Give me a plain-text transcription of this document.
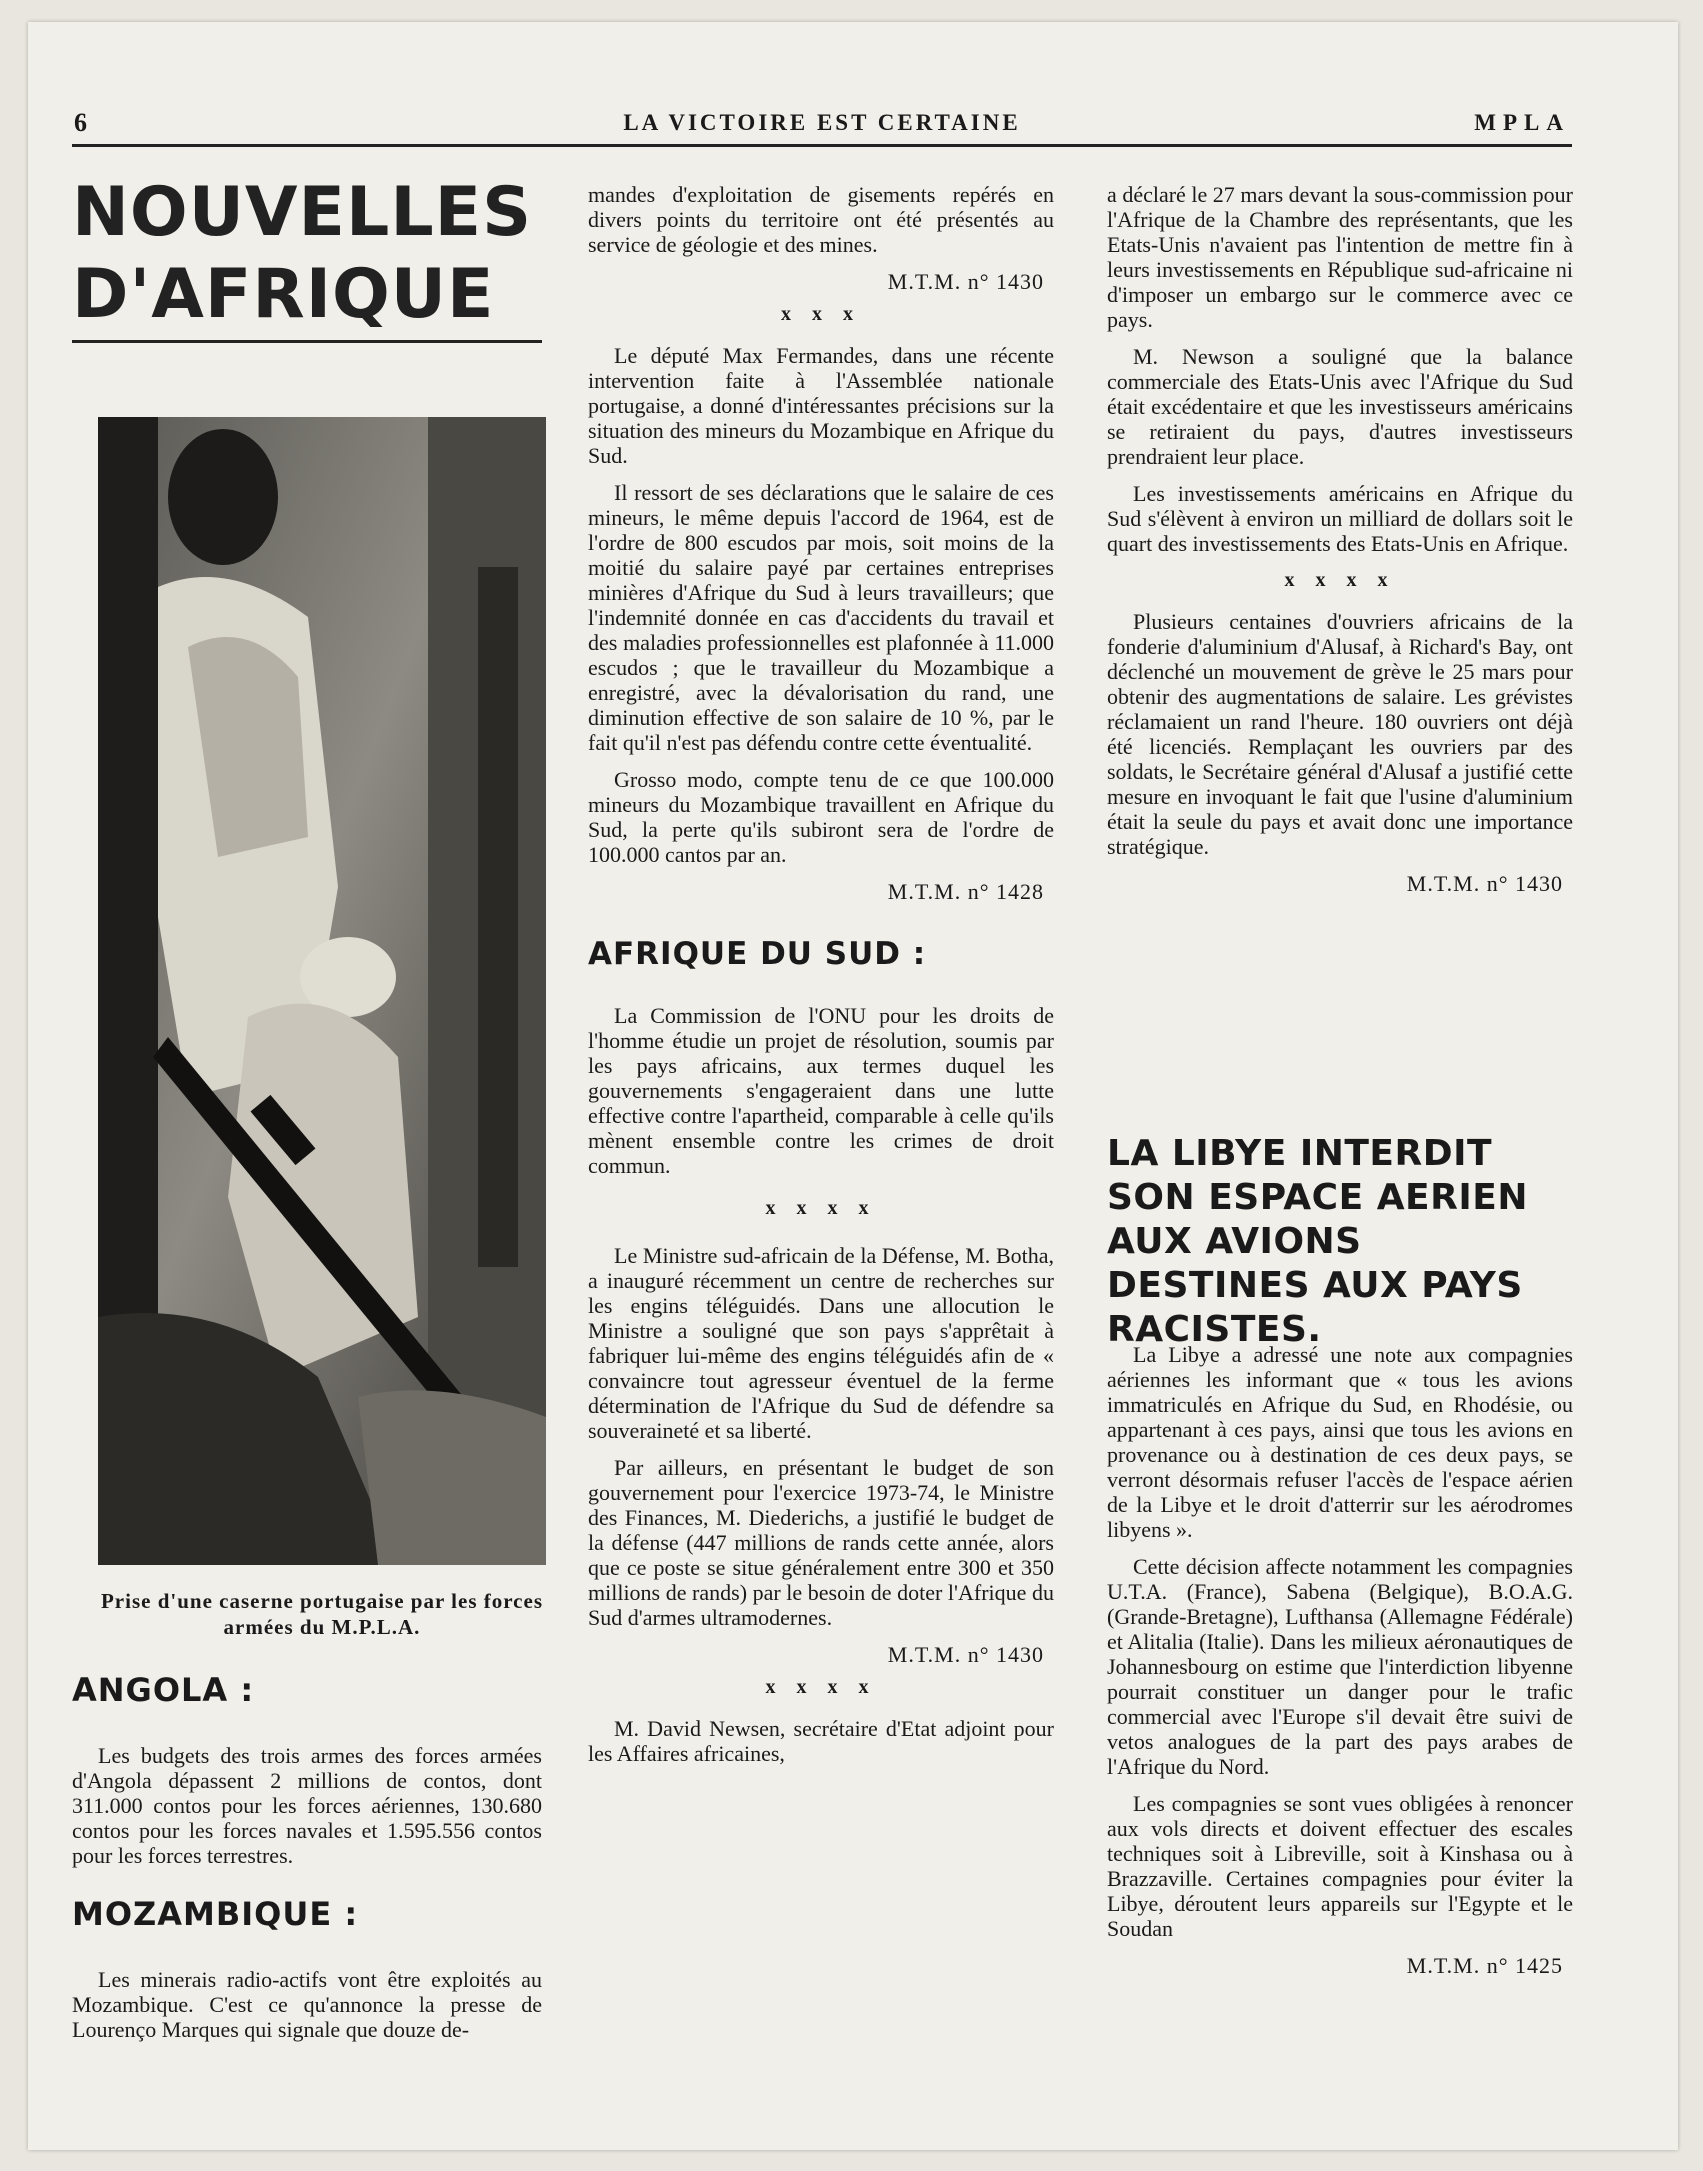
6	LA VICTOIRE EST CERTAINE	MPLA
NOUVELLES
D'AFRIQUE
Prise d'une caserne portugaise par les forces armées du M.P.L.A.
ANGOLA :

Les budgets des trois armes des forces armées d'Angola dépassent 2 millions de contos, dont 311.000 contos pour les forces aériennes, 130.680 contos pour les forces navales et 1.595.556 contos pour les forces terrestres.

MOZAMBIQUE :

Les minerais radio-actifs vont être exploités au Mozambique. C'est ce qu'annonce la presse de Lourenço Marques qui signale que douze de-

mandes d'exploitation de gisements repérés en divers points du territoire ont été présentés au service de géologie et des mines.

M.T.M. n° 1430
x x x

Le député Max Fermandes, dans une récente intervention faite à l'Assemblée nationale portugaise, a donné d'intéressantes précisions sur la situation des mineurs du Mozambique en Afrique du Sud.

Il ressort de ses déclarations que le salaire de ces mineurs, le même depuis l'accord de 1964, est de l'ordre de 800 escudos par mois, soit moins de la moitié du salaire payé par certaines entreprises minières d'Afrique du Sud à leurs travailleurs; que l'indemnité donnée en cas d'accidents du travail et des maladies professionnelles est plafonnée à 11.000 escudos ; que le travailleur du Mozambique a enregistré, avec la dévalorisation du rand, une diminution effective de son salaire de 10 %, par le fait qu'il n'est pas défendu contre cette éventualité.

Grosso modo, compte tenu de ce que 100.000 mineurs du Mozambique travaillent en Afrique du Sud, la perte qu'ils subiront sera de l'ordre de 100.000 cantos par an.

M.T.M. n° 1428
AFRIQUE DU SUD :

La Commission de l'ONU pour les droits de l'homme étudie un projet de résolution, soumis par les pays africains, aux termes duquel les gouvernements s'engageraient dans une lutte effective contre l'apartheid, comparable à celle qu'ils mènent ensemble contre les crimes de droit commun.

x x x x

Le Ministre sud-africain de la Défense, M. Botha, a inauguré récemment un centre de recherches sur les engins téléguidés. Dans une allocution le Ministre a souligné que son pays s'apprêtait à fabriquer lui-même des engins téléguidés afin de « convaincre tout agresseur éventuel de la ferme détermination de l'Afrique du Sud de défendre sa souveraineté et sa liberté.

Par ailleurs, en présentant le budget de son gouvernement pour l'exercice 1973-74, le Ministre des Finances, M. Diederichs, a justifié le budget de la défense (447 millions de rands cette année, alors que ce poste se situe généralement entre 300 et 350 millions de rands) par le besoin de doter l'Afrique du Sud d'armes ultramodernes.

M.T.M. n° 1430
x x x x

M. David Newsen, secrétaire d'Etat adjoint pour les Affaires africaines,

a déclaré le 27 mars devant la sous-commission pour l'Afrique de la Chambre des représentants, que les Etats-Unis n'avaient pas l'intention de mettre fin à leurs investissements en République sud-africaine ni d'imposer un embargo sur le commerce avec ce pays.

M. Newson a souligné que la balance commerciale des Etats-Unis avec l'Afrique du Sud était excédentaire et que les investisseurs américains se retiraient du pays, d'autres investisseurs prendraient leur place.

Les investissements américains en Afrique du Sud s'élèvent à environ un milliard de dollars soit le quart des investissements des Etats-Unis en Afrique.

x x x x

Plusieurs centaines d'ouvriers africains de la fonderie d'aluminium d'Alusaf, à Richard's Bay, ont déclenché un mouvement de grève le 25 mars pour obtenir des augmentations de salaire. Les grévistes réclamaient un rand l'heure. 180 ouvriers ont déjà été licenciés. Remplaçant les ouvriers par des soldats, le Secrétaire général d'Alusaf a justifié cette mesure en invoquant le fait que l'usine d'aluminium était la seule du pays et avait donc une importance stratégique.

M.T.M. n° 1430
LA LIBYE INTERDIT SON ESPACE AERIEN AUX AVIONS DESTINES AUX PAYS RACISTES.

La Libye a adressé une note aux compagnies aériennes les informant que « tous les avions immatriculés en Afrique du Sud, en Rhodésie, ou appartenant à ces pays, ainsi que tous les avions en provenance ou à destination de ces deux pays, se verront désormais refuser l'accès de l'espace aérien de la Libye et le droit d'atterrir sur les aérodromes libyens ».

Cette décision affecte notamment les compagnies U.T.A. (France), Sabena (Belgique), B.O.A.G. (Grande-Bretagne), Lufthansa (Allemagne Fédérale) et Alitalia (Italie). Dans les milieux aéronautiques de Johannesbourg on estime que l'interdiction libyenne pourrait constituer un danger pour le trafic commercial avec l'Europe s'il devait être suivi de vetos analogues de la part des pays arabes de l'Afrique du Nord.

Les compagnies se sont vues obligées à renoncer aux vols directs et doivent effectuer des escales techniques soit à Libreville, soit à Kinshasa ou à Brazzaville. Certaines compagnies pour éviter la Libye, déroutent leurs appareils sur l'Egypte et le Soudan

M.T.M. n° 1425
